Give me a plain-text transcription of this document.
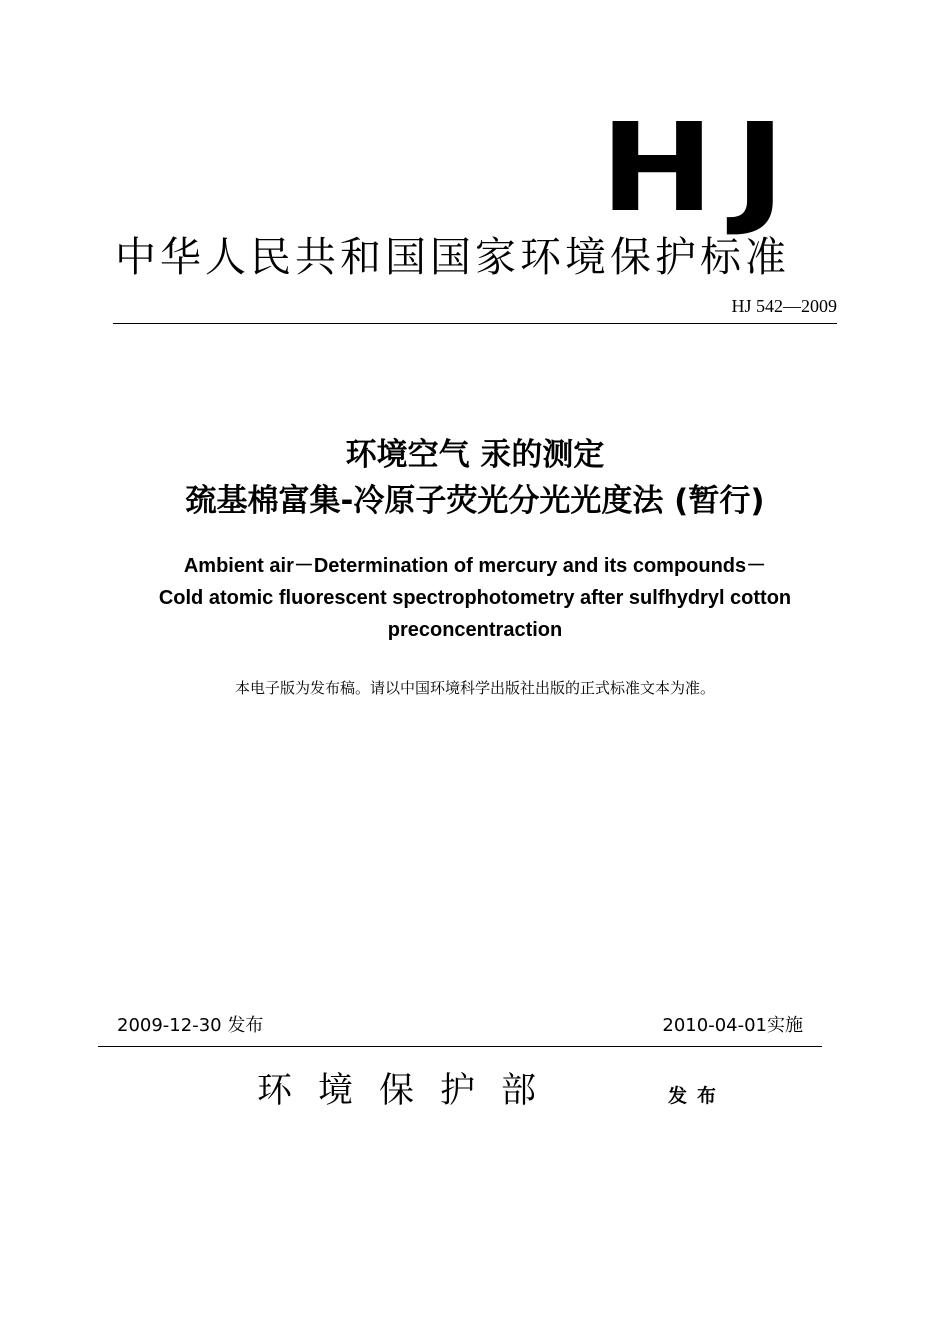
HJ
中华人民共和国国家环境保护标准
HJ 542—2009
环境空气 汞的测定
巯基棉富集-冷原子荧光分光光度法 (暂行)
Ambient air－Determination of mercury and its compounds－
Cold atomic fluorescent spectrophotometry after sulfhydryl cotton
preconcentraction
本电子版为发布稿。请以中国环境科学出版社出版的正式标准文本为准。
2009-12-30 发布	2010-04-01实施
环境保护部	发布
